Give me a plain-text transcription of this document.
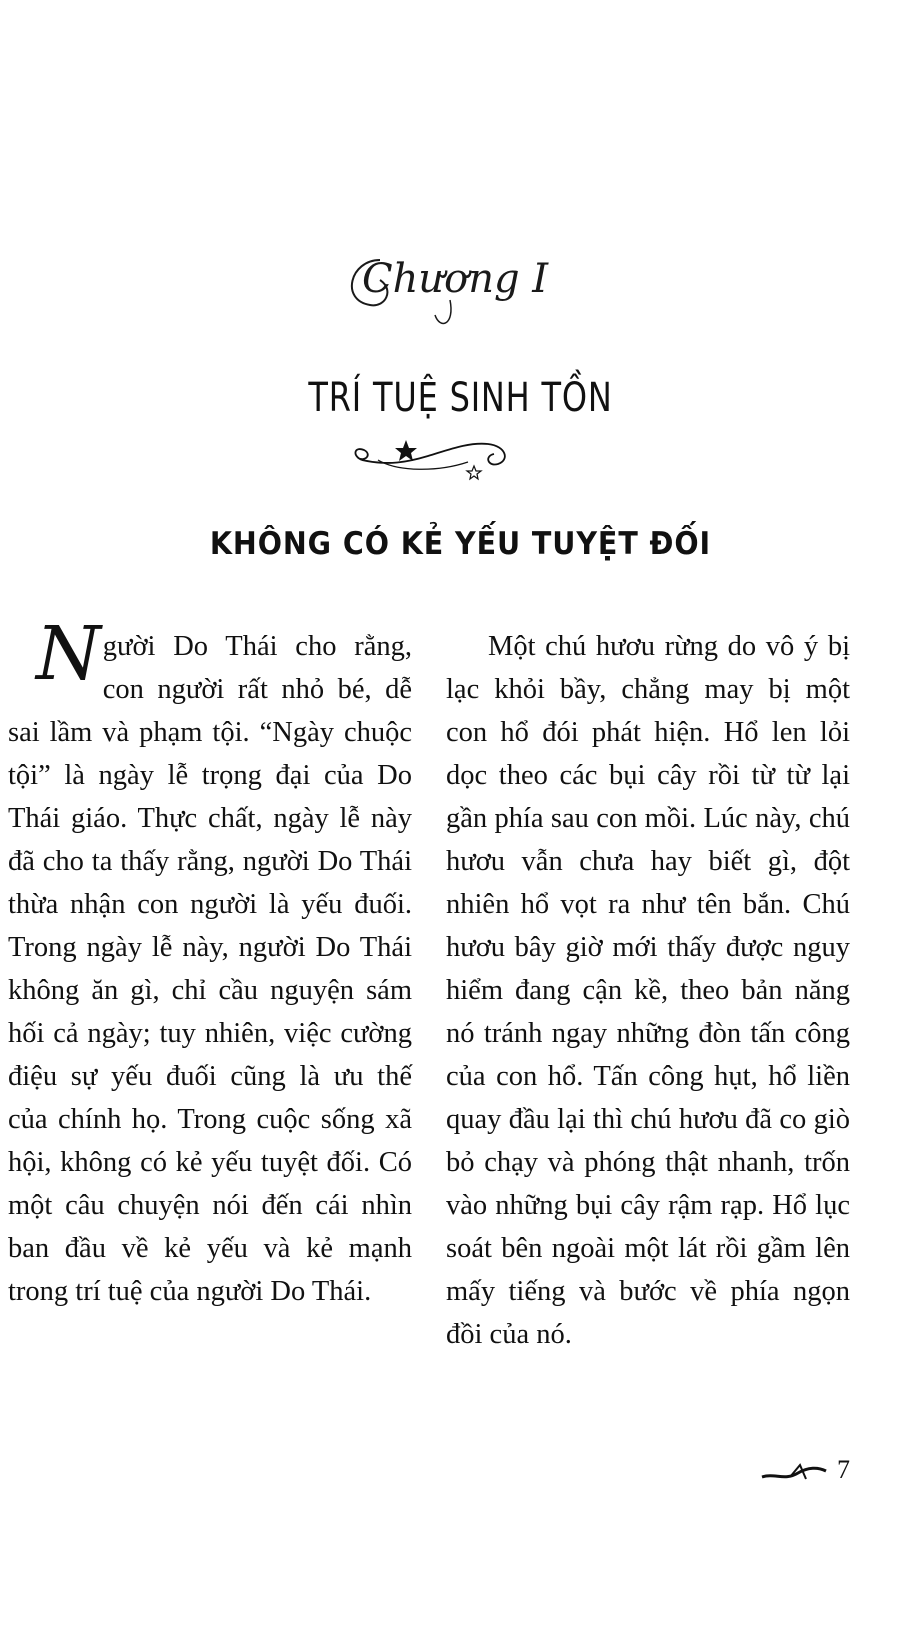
Chương I
TRÍ TUỆ SINH TỒN
KHÔNG CÓ KẺ YẾU TUYỆT ĐỐI

Người Do Thái cho rằng, con người rất nhỏ bé, dễ sai lầm và phạm tội. “Ngày chuộc tội” là ngày lễ trọng đại của Do Thái giáo. Thực chất, ngày lễ này đã cho ta thấy rằng, người Do Thái thừa nhận con người là yếu đuối. Trong ngày lễ này, người Do Thái không ăn gì, chỉ cầu nguyện sám hối cả ngày; tuy nhiên, việc cường điệu sự yếu đuối cũng là ưu thế của chính họ. Trong cuộc sống xã hội, không có kẻ yếu tuyệt đối. Có một câu chuyện nói đến cái nhìn ban đầu về kẻ yếu và kẻ mạnh trong trí tuệ của người Do Thái.

Một chú hươu rừng do vô ý bị lạc khỏi bầy, chẳng may bị một con hổ đói phát hiện. Hổ len lỏi dọc theo các bụi cây rồi từ từ lại gần phía sau con mồi. Lúc này, chú hươu vẫn chưa hay biết gì, đột nhiên hổ vọt ra như tên bắn. Chú hươu bây giờ mới thấy được nguy hiểm đang cận kề, theo bản năng nó tránh ngay những đòn tấn công của con hổ. Tấn công hụt, hổ liền quay đầu lại thì chú hươu đã co giò bỏ chạy và phóng thật nhanh, trốn vào những bụi cây rậm rạp. Hổ lục soát bên ngoài một lát rồi gầm lên mấy tiếng và bước về phía ngọn đồi của nó.

7
